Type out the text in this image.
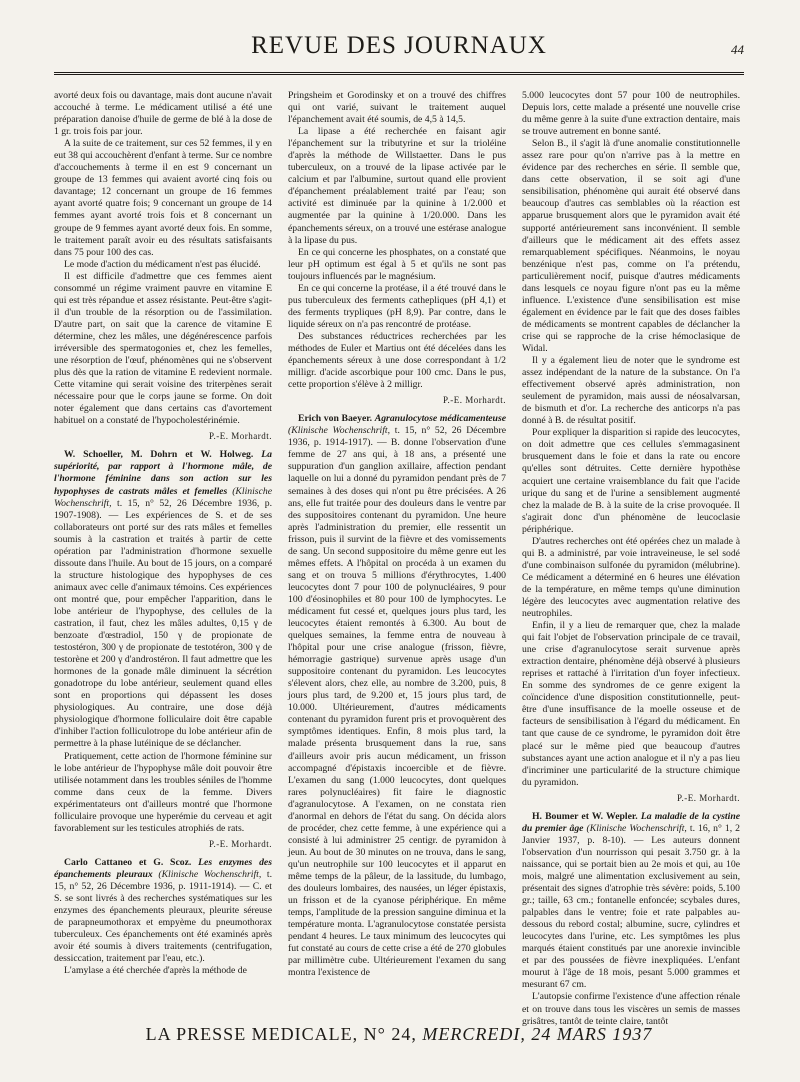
REVUE DES JOURNAUX	44

avorté deux fois ou davantage, mais dont aucune n'avait accouché à terme. Le médicament utilisé a été une préparation danoise d'huile de germe de blé à la dose de 1 gr. trois fois par jour.

A la suite de ce traitement, sur ces 52 femmes, il y en eut 38 qui accouchèrent d'enfant à terme. Sur ce nombre d'accouchements à terme il en est 9 concernant un groupe de 13 femmes qui avaient avorté cinq fois ou davantage; 12 concernant un groupe de 16 femmes ayant avorté quatre fois; 9 concernant un groupe de 14 femmes ayant avorté trois fois et 8 concernant un groupe de 9 femmes ayant avorté deux fois. En somme, le traitement paraît avoir eu des résultats satisfaisants dans 75 pour 100 des cas.

Le mode d'action du médicament n'est pas élucidé.

Il est difficile d'admettre que ces femmes aient consommé un régime vraiment pauvre en vitamine E qui est très répandue et assez résistante. Peut-être s'agit-il d'un trouble de la résorption ou de l'assimilation. D'autre part, on sait que la carence de vitamine E détermine, chez les mâles, une dégénérescence parfois irréversible des spermatogonies et, chez les femelles, une résorption de l'œuf, phénomènes qui ne s'observent plus dès que la ration de vitamine E redevient normale. Cette vitamine qui serait voisine des triterpènes serait nécessaire pour que le corps jaune se forme. On doit noter également que dans certains cas d'avortement habituel on a constaté de l'hypocholestérinémie.

P.-E. Morhardt.

W. Schoeller, M. Dohrn et W. Holweg. La supériorité, par rapport à l'hormone mâle, de l'hormone féminine dans son action sur les hypophyses de castrats mâles et femelles (Klinische Wochenschrift, t. 15, n° 52, 26 Décembre 1936, p. 1907-1908). — Les expériences de S. et de ses collaborateurs ont porté sur des rats mâles et femelles soumis à la castration et traités à partir de cette opération par l'administration d'hormone sexuelle dissoute dans l'huile. Au bout de 15 jours, on a comparé la structure histologique des hypophyses de ces animaux avec celle d'animaux témoins. Ces expériences ont montré que, pour empêcher l'apparition, dans le lobe antérieur de l'hypophyse, des cellules de la castration, il faut, chez les mâles adultes, 0,15 γ de benzoate d'œstradiol, 150 γ de propionate de testostéron, 300 γ de propionate de testotéron, 300 γ de testorène et 200 γ d'androstéron. Il faut admettre que les hormones de la gonade mâle diminuent la sécrétion gonadotrope du lobe antérieur, seulement quand elles sont en proportions qui dépassent les doses physiologiques. Au contraire, une dose déjà physiologique d'hormone folliculaire doit être capable d'inhiber l'action folliculotrope du lobe antérieur afin de permettre à la phase lutéinique de se déclancher.

Pratiquement, cette action de l'hormone féminine sur le lobe antérieur de l'hypophyse mâle doit pouvoir être utilisée notamment dans les troubles séniles de l'homme comme dans ceux de la femme. Divers expérimentateurs ont d'ailleurs montré que l'hormone folliculaire provoque une hyperémie du cerveau et agit favorablement sur les testicules atrophiés de rats.

P.-E. Morhardt.

Carlo Cattaneo et G. Scoz. Les enzymes des épanchements pleuraux (Klinische Wochenschrift, t. 15, n° 52, 26 Décembre 1936, p. 1911-1914). — C. et S. se sont livrés à des recherches systématiques sur les enzymes des épanchements pleuraux, pleurite séreuse de parapneumothorax et empyème du pneumothorax tuberculeux. Ces épanchements ont été examinés après avoir été soumis à divers traitements (centrifugation, dessiccation, traitement par l'eau, etc.).

L'amylase a été cherchée d'après la méthode de

Pringsheim et Gorodinsky et on a trouvé des chiffres qui ont varié, suivant le traitement auquel l'épanchement avait été soumis, de 4,5 à 14,5.

La lipase a été recherchée en faisant agir l'épanchement sur la tributyrine et sur la trioléine d'après la méthode de Willstaetter. Dans le pus tuberculeux, on a trouvé de la lipase activée par le calcium et par l'albumine, surtout quand elle provient d'épanchement préalablement traité par l'eau; son activité est diminuée par la quinine à 1/2.000 et augmentée par la quinine à 1/20.000. Dans les épanchements séreux, on a trouvé une estérase analogue à la lipase du pus.

En ce qui concerne les phosphates, on a constaté que leur pH optimum est égal à 5 et qu'ils ne sont pas toujours influencés par le magnésium.

En ce qui concerne la protéase, il a été trouvé dans le pus tuberculeux des ferments cathepliques (pH 4,1) et des ferments trypliques (pH 8,9). Par contre, dans le liquide séreux on n'a pas rencontré de protéase.

Des substances réductrices recherchées par les méthodes de Euler et Martius ont été décelées dans les épanchements séreux à une dose correspondant à 1/2 milligr. d'acide ascorbique pour 100 cmc. Dans le pus, cette proportion s'élève à 2 milligr.

P.-E. Morhardt.

Erich von Baeyer. Agranulocytose médicamenteuse (Klinische Wochenschrift, t. 15, n° 52, 26 Décembre 1936, p. 1914-1917). — B. donne l'observation d'une femme de 27 ans qui, à 18 ans, a présenté une suppuration d'un ganglion axillaire, affection pendant laquelle on lui a donné du pyramidon pendant près de 7 semaines à des doses qui n'ont pu être précisées. A 26 ans, elle fut traitée pour des douleurs dans le ventre par des suppositoires contenant du pyramidon. Une heure après l'administration du premier, elle ressentit un frisson, puis il survint de la fièvre et des vomissements de sang. Un second suppositoire du même genre eut les mêmes effets. A l'hôpital on procéda à un examen du sang et on trouva 5 millions d'érythrocytes, 1.400 leucocytes dont 7 pour 100 de polynucléaires, 9 pour 100 d'éosinophiles et 80 pour 100 de lymphocytes. Le médicament fut cessé et, quelques jours plus tard, les leucocytes étaient remontés à 6.300. Au bout de quelques semaines, la femme entra de nouveau à l'hôpital pour une crise analogue (frisson, fièvre, hémorragie gastrique) survenue après usage d'un suppositoire contenant du pyramidon. Les leucocytes s'élevent alors, chez elle, au nombre de 3.200, puis, 8 jours plus tard, de 9.200 et, 15 jours plus tard, de 10.000. Ultérieurement, d'autres médicaments contenant du pyramidon furent pris et provoquèrent des symptômes identiques. Enfin, 8 mois plus tard, la malade présenta brusquement dans la rue, sans d'ailleurs avoir pris aucun médicament, un frisson accompagné d'épistaxis incoercible et de fièvre. L'examen du sang (1.000 leucocytes, dont quelques rares polynucléaires) fit faire le diagnostic d'agranulocytose. A l'examen, on ne constata rien d'anormal en dehors de l'état du sang. On décida alors de procéder, chez cette femme, à une expérience qui a consisté à lui administrer 25 centigr. de pyramidon à jeun. Au bout de 30 minutes on ne trouva, dans le sang, qu'un neutrophile sur 100 leucocytes et il apparut en même temps de la pâleur, de la lassitude, du lumbago, des douleurs lombaires, des nausées, un léger épistaxis, un frisson et de la cyanose périphérique. En même temps, l'amplitude de la pression sanguine diminua et la température monta. L'agranulocytose constatée persista pendant 4 heures. Le taux minimum des leucocytes qui fut constaté au cours de cette crise a été de 270 globules par millimètre cube. Ultérieurement l'examen du sang montra l'existence de

5.000 leucocytes dont 57 pour 100 de neutrophiles. Depuis lors, cette malade a présenté une nouvelle crise du même genre à la suite d'une extraction dentaire, mais se trouve autrement en bonne santé.

Selon B., il s'agit là d'une anomalie constitutionnelle assez rare pour qu'on n'arrive pas à la mettre en évidence par des recherches en série. Il semble que, dans cette observation, il se soit agi d'une sensibilisation, phénomène qui aurait été observé dans beaucoup d'autres cas semblables où la réaction est apparue brusquement alors que le pyramidon avait été supporté antérieurement sans inconvénient. Il semble d'ailleurs que le médicament ait des effets assez remarquablement spécifiques. Néanmoins, le noyau benzénique n'est pas, comme on l'a prétendu, particulièrement nocif, puisque d'autres médicaments dans lesquels ce noyau figure n'ont pas eu la même influence. L'existence d'une sensibilisation est mise également en évidence par le fait que des doses faibles de médicaments se montrent capables de déclancher la crise qui se rapproche de la crise hémoclasique de Widal.

Il y a également lieu de noter que le syndrome est assez indépendant de la nature de la substance. On l'a effectivement observé après administration, non seulement de pyramidon, mais aussi de néosalvarsan, de bismuth et d'or. La recherche des anticorps n'a pas donné à B. de résultat positif.

Pour expliquer la disparition si rapide des leucocytes, on doit admettre que ces cellules s'emmagasinent brusquement dans le foie et dans la rate ou encore qu'elles sont détruites. Cette dernière hypothèse acquiert une certaine vraisemblance du fait que l'acide urique du sang et de l'urine a sensiblement augmenté chez la malade de B. à la suite de la crise provoquée. Il s'agirait donc d'un phénomène de leucoclasie périphérique.

D'autres recherches ont été opérées chez un malade à qui B. a administré, par voie intraveineuse, le sel sodé d'une combinaison sulfonée du pyramidon (mélubrine). Ce médicament a déterminé en 6 heures une élévation de la température, en même temps qu'une diminution légère des leucocytes avec augmentation relative des neutrophiles.

Enfin, il y a lieu de remarquer que, chez la malade qui fait l'objet de l'observation principale de ce travail, une crise d'agranulocytose serait survenue après extraction dentaire, phénomène déjà observé à plusieurs reprises et rattaché à l'irritation d'un foyer infectieux. En somme des syndromes de ce genre exigent la coïncidence d'une disposition constitutionnelle, peut-être d'une insuffisance de la moelle osseuse et de facteurs de sensibilisation à l'égard du médicament. En tant que cause de ce syndrome, le pyramidon doit être placé sur le même pied que beaucoup d'autres substances ayant une action analogue et il n'y a pas lieu d'incriminer une particularité de la structure chimique du pyramidon.

P.-E. Morhardt.

H. Boumer et W. Wepler. La maladie de la cystine du premier âge (Klinische Wochenschrift, t. 16, n° 1, 2 Janvier 1937, p. 8-10). — Les auteurs donnent l'observation d'un nourrisson qui pesait 3.750 gr. à la naissance, qui se portait bien au 2e mois et qui, au 10e mois, malgré une alimentation exclusivement au sein, présentait des signes d'atrophie très sévère: poids, 5.100 gr.; taille, 63 cm.; fontanelle enfoncée; scybales dures, palpables dans le ventre; foie et rate palpables au-dessous du rebord costal; albumine, sucre, cylindres et leucocytes dans l'urine, etc. Les symptômes les plus marqués étaient constitués par une anorexie invincible et par des poussées de fièvre inexpliquées. L'enfant mourut à l'âge de 18 mois, pesant 5.000 grammes et mesurant 67 cm.

L'autopsie confirme l'existence d'une affection rénale et on trouve dans tous les viscères un semis de masses grisâtres, tantôt de teinte claire, tantôt

LA PRESSE MEDICALE, N° 24, MERCREDI, 24 MARS 1937
